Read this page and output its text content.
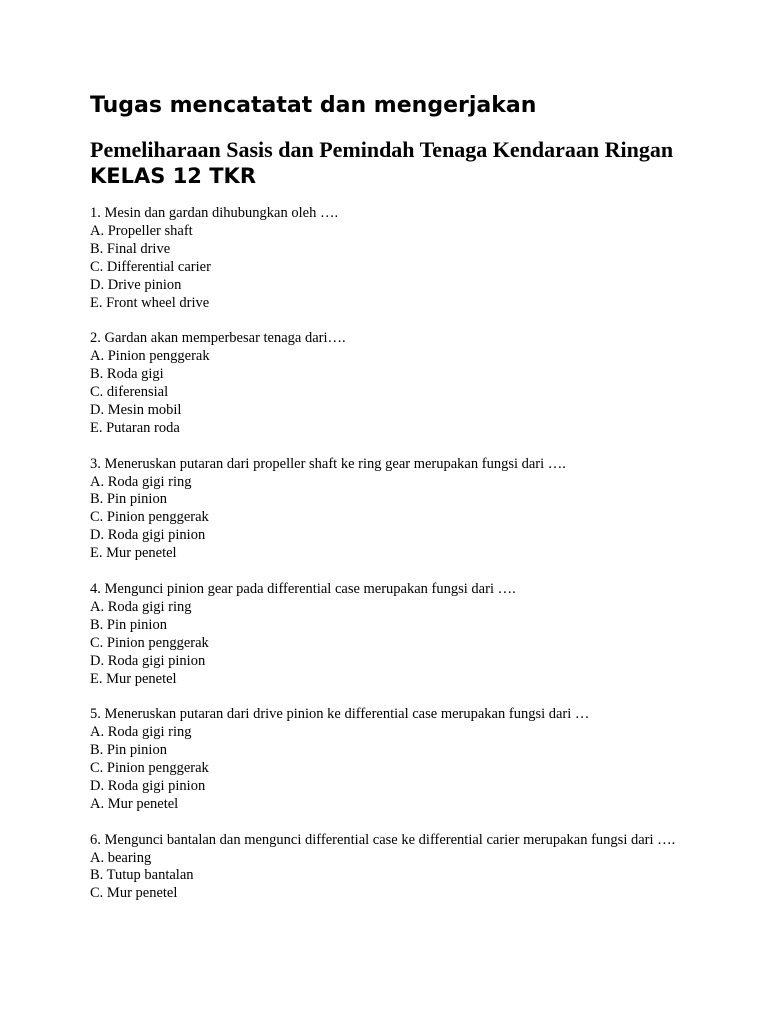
Tugas mencatatat dan mengerjakan
Pemeliharaan Sasis dan Pemindah Tenaga Kendaraan Ringan KELAS 12 TKR
1. Mesin dan gardan dihubungkan oleh ….
A. Propeller shaft
B. Final drive
C. Differential carier
D. Drive pinion
E. Front wheel drive
2. Gardan akan memperbesar tenaga dari….
A. Pinion penggerak
B. Roda gigi
C. diferensial
D. Mesin mobil
E. Putaran roda
3. Meneruskan putaran dari propeller shaft ke ring gear merupakan fungsi dari ….
A. Roda gigi ring
B. Pin pinion
C. Pinion penggerak
D. Roda gigi pinion
E. Mur penetel
4. Mengunci pinion gear pada differential case merupakan fungsi dari ….
A. Roda gigi ring
B. Pin pinion
C. Pinion penggerak
D. Roda gigi pinion
E. Mur penetel
5. Meneruskan putaran dari drive pinion ke differential case merupakan fungsi dari …
A. Roda gigi ring
B. Pin pinion
C. Pinion penggerak
D. Roda gigi pinion
A. Mur penetel
6. Mengunci bantalan dan mengunci differential case ke differential carier merupakan fungsi dari ….
A. bearing
B. Tutup bantalan
C. Mur penetel
